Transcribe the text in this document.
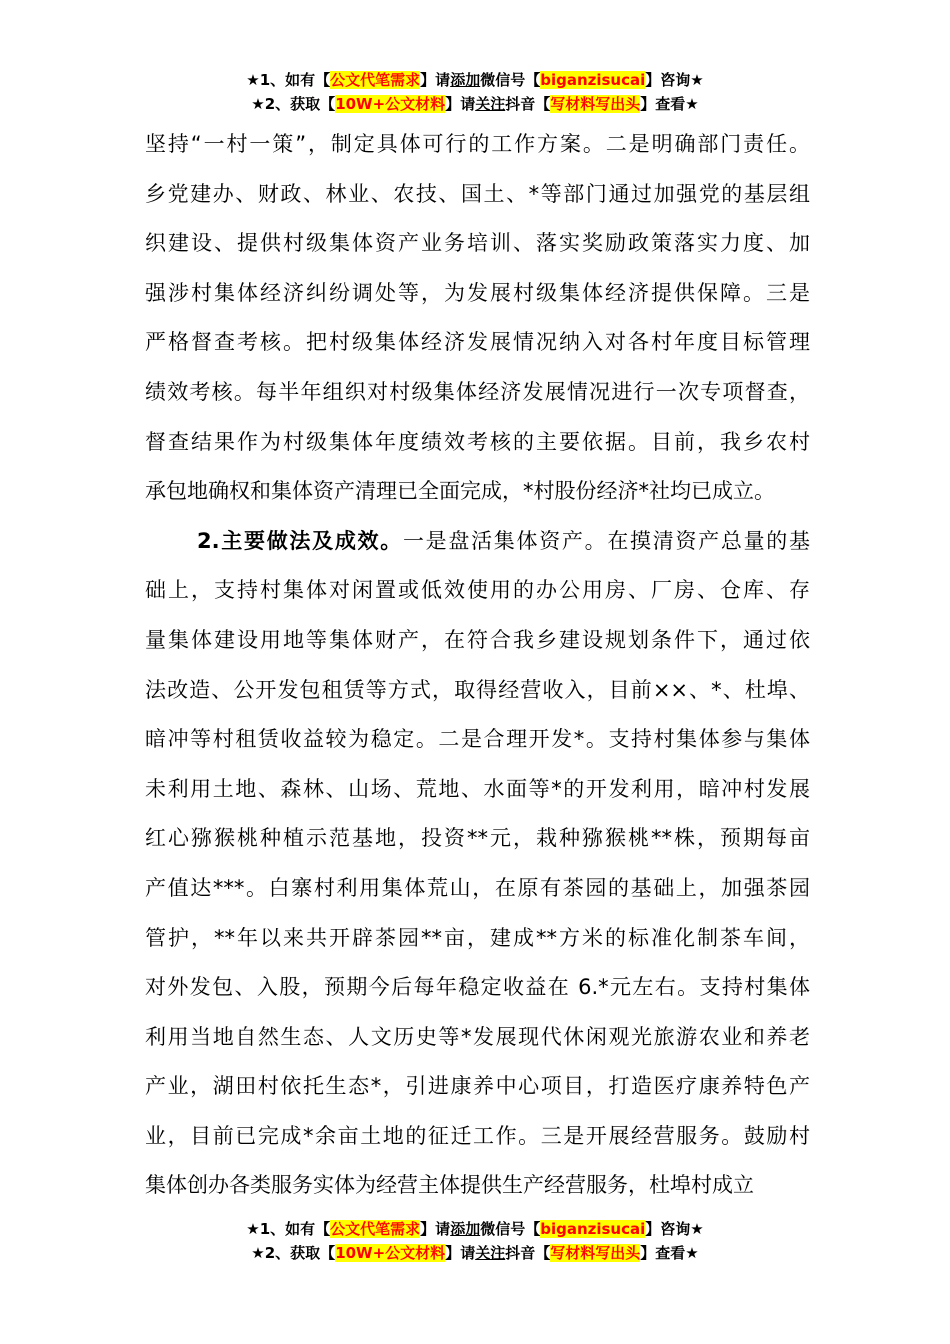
★1、如有【公文代笔需求】请添加微信号【biganzisucai】咨询★
★2、获取【10W+公文材料】请关注抖音【写材料写出头】查看★
坚持“一村一策”，制定具体可行的工作方案。二是明确部门责任。
乡党建办、财政、林业、农技、国土、*等部门通过加强党的基层组
织建设、提供村级集体资产业务培训、落实奖励政策落实力度、加
强涉村集体经济纠纷调处等，为发展村级集体经济提供保障。三是
严格督查考核。把村级集体经济发展情况纳入对各村年度目标管理
绩效考核。每半年组织对村级集体经济发展情况进行一次专项督查，
督查结果作为村级集体年度绩效考核的主要依据。目前，我乡农村
承包地确权和集体资产清理已全面完成，*村股份经济*社均已成立。
2.主要做法及成效。一是盘活集体资产。在摸清资产总量的基
础上，支持村集体对闲置或低效使用的办公用房、厂房、仓库、存
量集体建设用地等集体财产，在符合我乡建设规划条件下，通过依
法改造、公开发包租赁等方式，取得经营收入，目前××、*、杜埠、
暗冲等村租赁收益较为稳定。二是合理开发*。支持村集体参与集体
未利用土地、森林、山场、荒地、水面等*的开发利用，暗冲村发展
红心猕猴桃种植示范基地，投资**元，栽种猕猴桃**株，预期每亩
产值达***。白寨村利用集体荒山，在原有茶园的基础上，加强茶园
管护，**年以来共开辟茶园**亩，建成**方米的标准化制茶车间，
对外发包、入股，预期今后每年稳定收益在 6.*元左右。支持村集体
利用当地自然生态、人文历史等*发展现代休闲观光旅游农业和养老
产业，湖田村依托生态*，引进康养中心项目，打造医疗康养特色产
业，目前已完成*余亩土地的征迁工作。三是开展经营服务。鼓励村
集体创办各类服务实体为经营主体提供生产经营服务，杜埠村成立
★1、如有【公文代笔需求】请添加微信号【biganzisucai】咨询★
★2、获取【10W+公文材料】请关注抖音【写材料写出头】查看★
